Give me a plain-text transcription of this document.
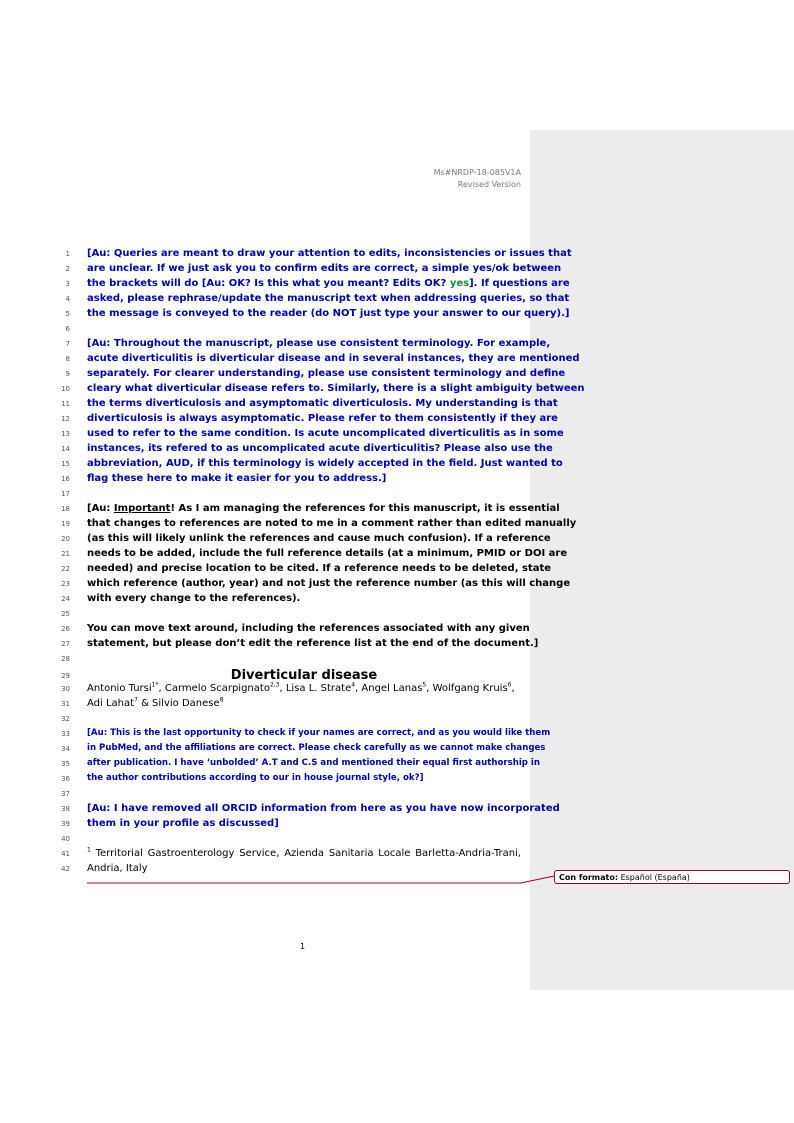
Ms#NRDP-18-085V1A
Revised Version
1 [Au: Queries are meant to draw your attention to edits, inconsistencies or issues that
2 are unclear. If we just ask you to confirm edits are correct, a simple yes/ok between
3 the brackets will do [Au: OK? Is this what you meant? Edits OK? yes]. If questions are
4 asked, please rephrase/update the manuscript text when addressing queries, so that
5 the message is conveyed to the reader (do NOT just type your answer to our query).]
6
7 [Au: Throughout the manuscript, please use consistent terminology. For example,
8 acute diverticulitis is diverticular disease and in several instances, they are mentioned
9 separately. For clearer understanding, please use consistent terminology and define
10 cleary what diverticular disease refers to. Similarly, there is a slight ambiguity between
11 the terms diverticulosis and asymptomatic diverticulosis. My understanding is that
12 diverticulosis is always asymptomatic. Please refer to them consistently if they are
13 used to refer to the same condition. Is acute uncomplicated diverticulitis as in some
14 instances, its refered to as uncomplicated acute diverticulitis? Please also use the
15 abbreviation, AUD, if this terminology is widely accepted in the field. Just wanted to
16 flag these here to make it easier for you to address.]
17
18 [Au: Important! As I am managing the references for this manuscript, it is essential
19 that changes to references are noted to me in a comment rather than edited manually
20 (as this will likely unlink the references and cause much confusion). If a reference
21 needs to be added, include the full reference details (at a minimum, PMID or DOI are
22 needed) and precise location to be cited. If a reference needs to be deleted, state
23 which reference (author, year) and not just the reference number (as this will change
24 with every change to the references).
25
26 You can move text around, including the references associated with any given
27 statement, but please don’t edit the reference list at the end of the document.]
28
29	Diverticular disease
30 Antonio Tursi$^{1*}$, Carmelo Scarpignato$^{2,3}$, Lisa L. Strate$^4$, Angel Lanas$^5$, Wolfgang Kruis$^6$,
31 Adi Lahat$^7$ & Silvio Danese$^8$
32
33 [Au: This is the last opportunity to check if your names are correct, and as you would like them
34 in PubMed, and the affiliations are correct. Please check carefully as we cannot make changes
35 after publication. I have ‘unbolded’ A.T and C.S and mentioned their equal first authorship in
36 the author contributions according to our in house journal style, ok?]
37
38 [Au: I have removed all ORCID information from here as you have now incorporated
39 them in your profile as discussed]
40
41	$^1$ Territorial Gastroenterology Service, Azienda Sanitaria Locale Barletta-Andria-Trani,
42 Andria, Italy
1
Con formato: Español (España)
